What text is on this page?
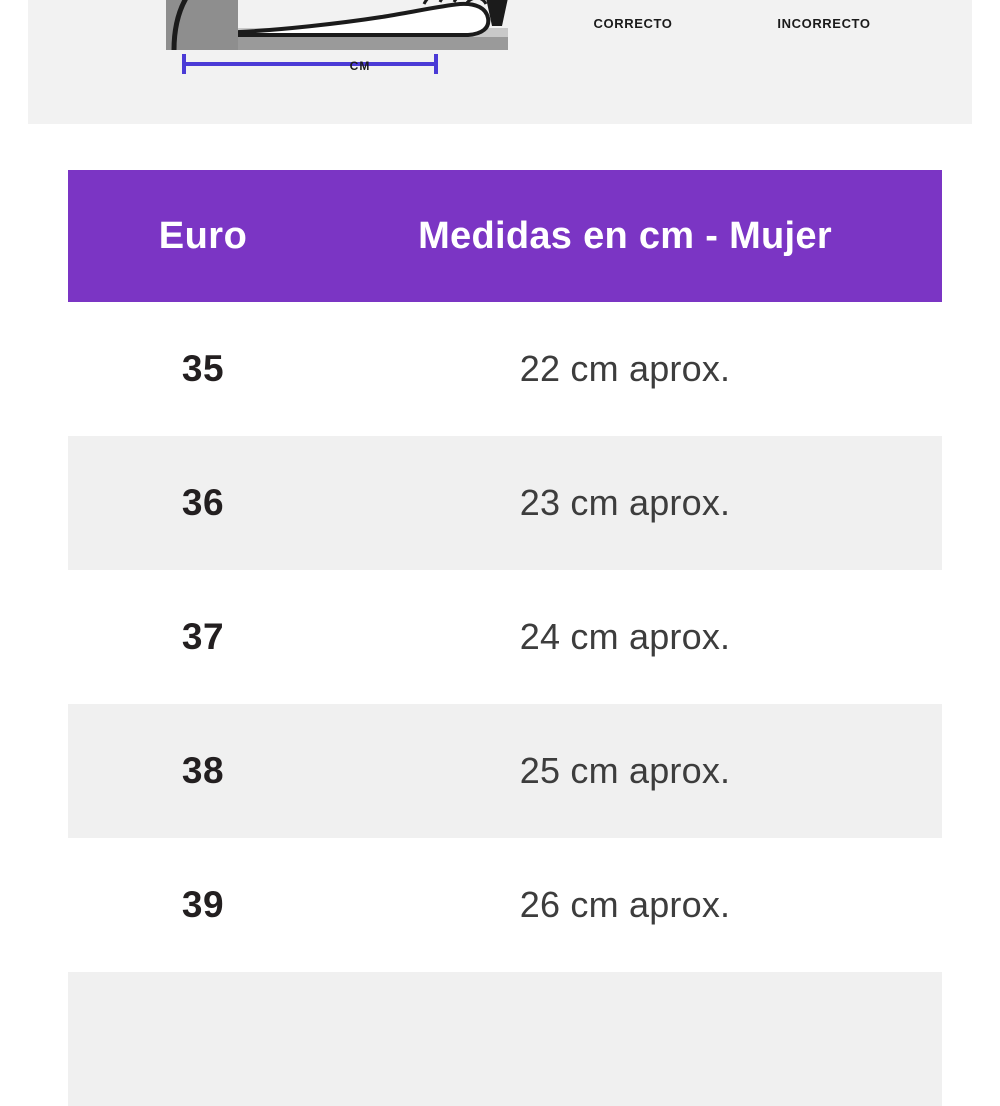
CM
CORRECTO	INCORRECTO
Euro	Medidas en cm - Mujer
35	22 cm aprox.
36	23 cm aprox.
37	24 cm aprox.
38	25 cm aprox.
39	26 cm aprox.
